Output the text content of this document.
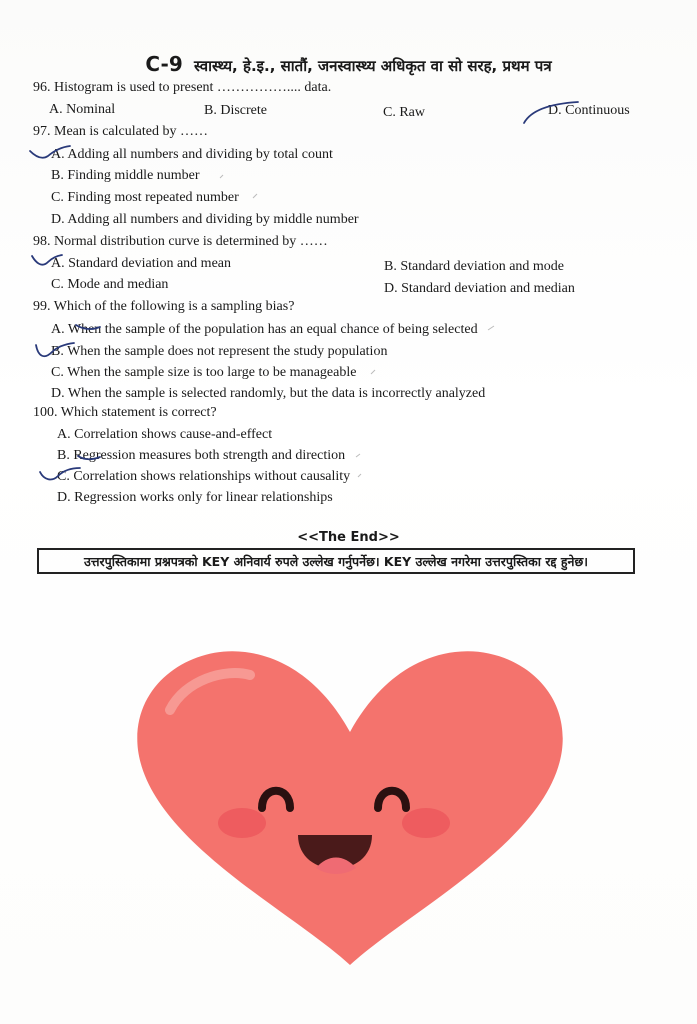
C-9 स्वास्थ्य, हे.इ., सातौं, जनस्वास्थ्य अधिकृत वा सो सरह, प्रथम पत्र
96. Histogram is used to present …………….... data.
A. Nominal	B. Discrete	C. Raw	D. Continuous
97. Mean is calculated by ……
A. Adding all numbers and dividing by total count
B. Finding middle number
C. Finding most repeated number
D. Adding all numbers and dividing by middle number
98. Normal distribution curve is determined by ……
A. Standard deviation and mean	B. Standard deviation and mode
C. Mode and median	D. Standard deviation and median
99. Which of the following is a sampling bias?
A. When the sample of the population has an equal chance of being selected
B. When the sample does not represent the study population
C. When the sample size is too large to be manageable
D. When the sample is selected randomly, but the data is incorrectly analyzed
100. Which statement is correct?
A. Correlation shows cause-and-effect
B. Regression measures both strength and direction
C. Correlation shows relationships without causality
D. Regression works only for linear relationships
<<The End>>
उत्तरपुस्तिकामा प्रश्नपत्रको KEY अनिवार्य रुपले उल्लेख गर्नुपर्नेछ। KEY उल्लेख नगरेमा उत्तरपुस्तिका रद्द हुनेछ।
